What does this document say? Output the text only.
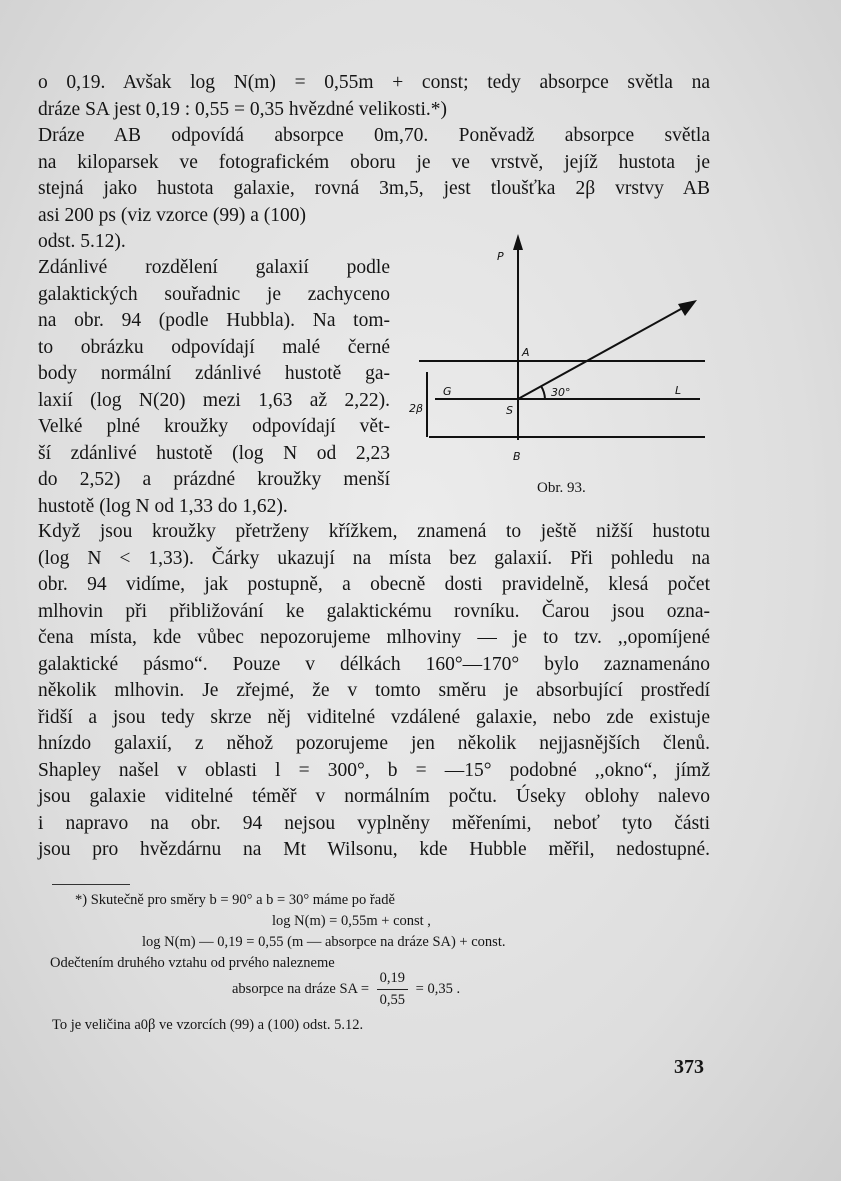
o 0,19. Avšak log N(m) = 0,55m + const; tedy absorpce světla na
dráze SA jest 0,19 : 0,55 = 0,35 hvězdné velikosti.*)
Dráze AB odpovídá absorpce 0m,70. Poněvadž absorpce světla
na kiloparsek ve fotografickém oboru je ve vrstvě, jejíž hustota je
stejná jako hustota galaxie, rovná 3m,5, jest tloušťka 2β vrstvy AB
asi 200 ps (viz vzorce (99) a (100)
odst. 5.12).
Zdánlivé rozdělení galaxií podle
galaktických souřadnic je zachyceno
na obr. 94 (podle Hubbla). Na tom-
to obrázku odpovídají malé černé
body normální zdánlivé hustotě ga-
laxií (log N(20) mezi 1,63 až 2,22).
Velké plné kroužky odpovídají vět-
ší zdánlivé hustotě (log N od 2,23
do 2,52) a prázdné kroužky menší
hustotě (log N od 1,33 do 1,62).
P
A
G
S
L
B
30°
2β
Obr. 93.
Když jsou kroužky přetrženy křížkem, znamená to ještě nižší hustotu
(log N < 1,33). Čárky ukazují na místa bez galaxií. Při pohledu na
obr. 94 vidíme, jak postupně, a obecně dosti pravidelně, klesá počet
mlhovin při přibližování ke galaktickému rovníku. Čarou jsou ozna-
čena místa, kde vůbec nepozorujeme mlhoviny — je to tzv. ,,opomíjené
galaktické pásmo“. Pouze v délkách 160°—170° bylo zaznamenáno
několik mlhovin. Je zřejmé, že v tomto směru je absorbující prostředí
řidší a jsou tedy skrze něj viditelné vzdálené galaxie, nebo zde existuje
hnízdo galaxií, z něhož pozorujeme jen několik nejjasnějších členů.
Shapley našel v oblasti l = 300°, b = —15° podobné ,,okno“, jímž
jsou galaxie viditelné téměř v normálním počtu. Úseky oblohy nalevo
i napravo na obr. 94 nejsou vyplněny měřeními, neboť tyto části
jsou pro hvězdárnu na Mt Wilsonu, kde Hubble měřil, nedostupné.
*) Skutečně pro směry b = 90° a b = 30° máme po řadě
log N(m) = 0,55m + const ,
log N(m) — 0,19 = 0,55 (m — absorpce na dráze SA) + const.
Odečtením druhého vztahu od prvého nalezneme
absorpce na dráze SA = $\frac{0,19}{0,55} = 0,35$ .
To je veličina a0β ve vzorcích (99) a (100) odst. 5.12.
373
